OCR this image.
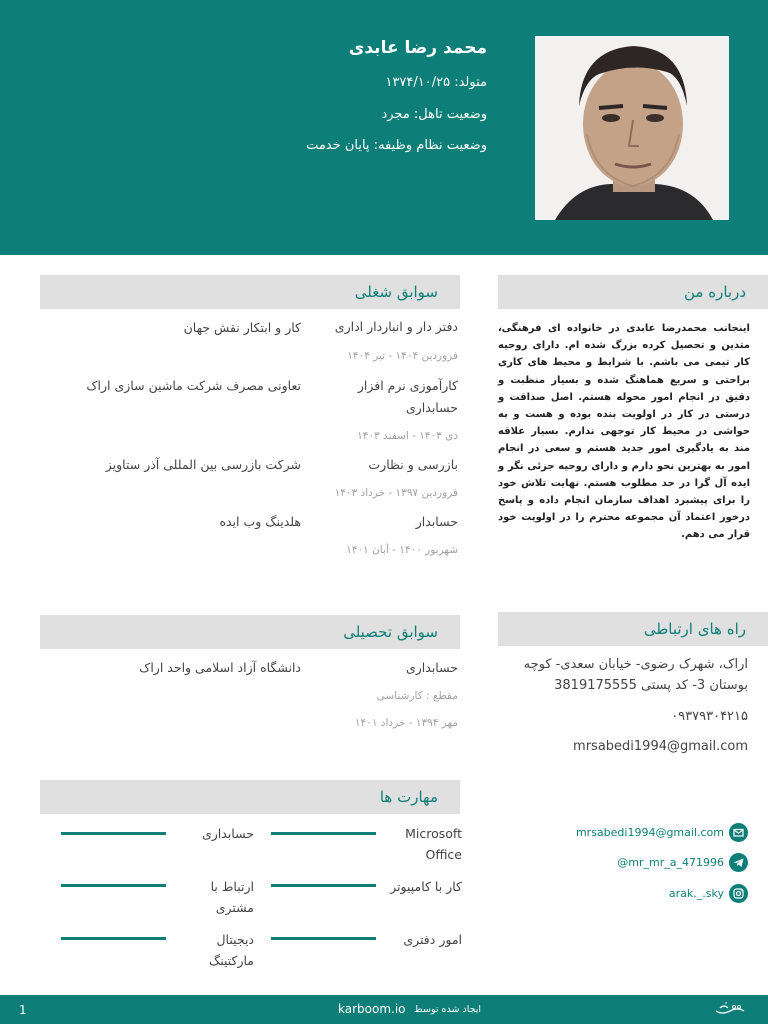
محمد رضا عابدی
متولد: ۱۳۷۴/۱۰/۲۵
وضعیت تاهل: مجرد
وضعیت نظام وظیفه: پایان خدمت
درباره من
اینجانب محمدرضا عابدی در خانواده ای فرهنگی، متدین و تحصیل کرده بزرگ شده ام. دارای روحیه کار تیمی می باشم. با شرایط و محیط های کاری براحتی و سریع هماهنگ شده و بسیار منظبت و دقیق در انجام امور محوله هستم. اصل صداقت و درستی در کار در اولویت بنده بوده و هست و به حواشی در محیط کار توجهی ندارم. بسیار علاقه مند به یادگیری امور جدید هستم و سعی در انجام امور به بهترین نحو دارم و دارای روحیه جزئی نگر و ایده آل گرا در حد مطلوب هستم. نهایت تلاش خود را برای پیشبرد اهداف سازمان انجام داده و پاسخ درخور اعتماد آن مجموعه محترم را در اولویت خود قرار می دهم.
سوابق شغلی
دفتر دار و انباردار اداری
کار و ابتکار نقش جهان
فروردین ۱۴۰۴ - تیر ۱۴۰۴
کارآموزی نرم افزار حسابداری
تعاونی مصرف شرکت ماشین سازی اراک
دی ۱۴۰۳ - اسفند ۱۴۰۳
بازرسی و نظارت
شرکت بازرسی بین المللی آذر ستاویز
فروردین ۱۳۹۷ - خرداد ۱۴۰۳
حسابدار
هلدینگ وب ایده
شهریور ۱۴۰۰ - آبان ۱۴۰۱
راه های ارتباطی
اراک، شهرک رضوی- خیابان سعدی- کوچه بوستان 3- کد پستی 3819175555
۰۹۳۷۹۳۰۴۲۱۵
mrsabedi1994@gmail.com
سوابق تحصیلی
حسابداری
دانشگاه آزاد اسلامی واحد اراک
مقطع : کارشناسی
مهر ۱۳۹۴ - خرداد ۱۴۰۱
مهارت ها
Microsoft Office
حسابداری
کار با کامپیوتر
ارتباط با مشتری
امور دفتری
دیجیتال مارکتینگ
mrsabedi1994@gmail.com
@mr_mr_a_471996
arak._.sky
1	karboom.io ایجاد شده توسط
